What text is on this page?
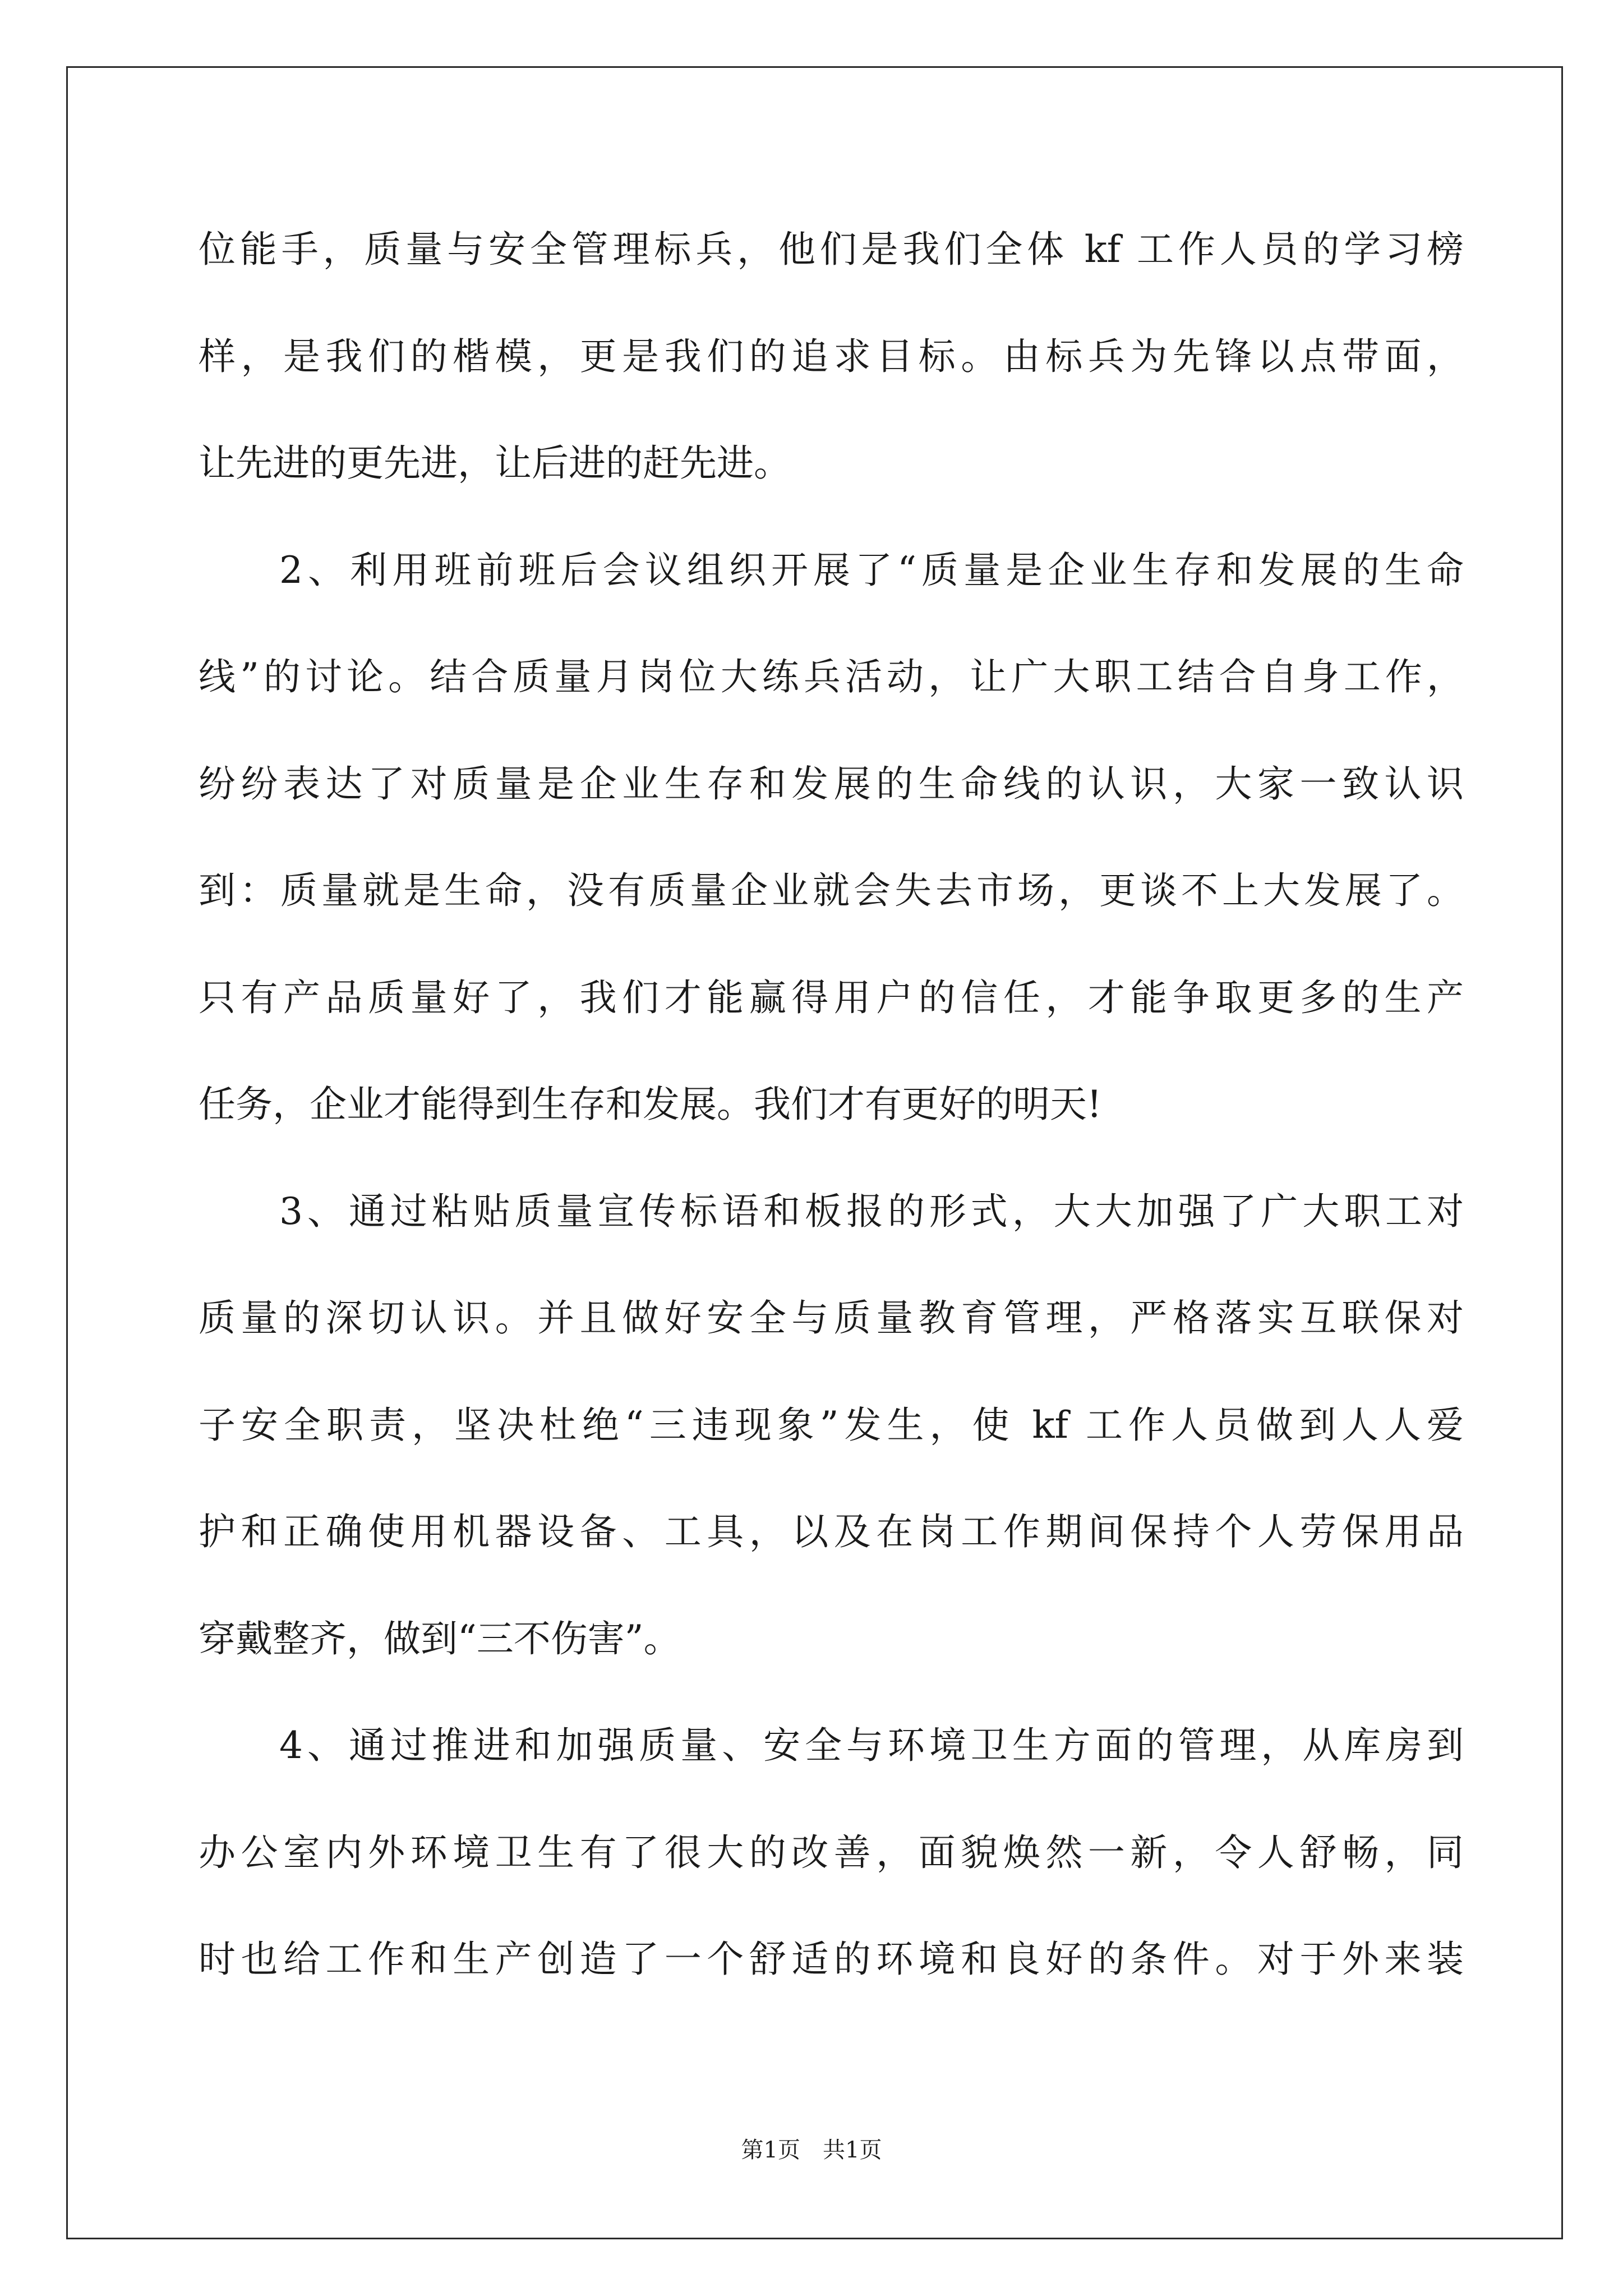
位能手，质量与安全管理标兵，他们是我们全体 kf 工作人员的学习榜
样，是我们的楷模，更是我们的追求目标。由标兵为先锋以点带面，
让先进的更先进，让后进的赶先进。
2、利用班前班后会议组织开展了“质量是企业生存和发展的生命
线”的讨论。结合质量月岗位大练兵活动，让广大职工结合自身工作，
纷纷表达了对质量是企业生存和发展的生命线的认识，大家一致认识
到：质量就是生命，没有质量企业就会失去市场，更谈不上大发展了。
只有产品质量好了，我们才能赢得用户的信任，才能争取更多的生产
任务，企业才能得到生存和发展。我们才有更好的明天!
3、通过粘贴质量宣传标语和板报的形式，大大加强了广大职工对
质量的深切认识。并且做好安全与质量教育管理，严格落实互联保对
子安全职责，坚决杜绝“三违现象”发生，使 kf 工作人员做到人人爱
护和正确使用机器设备、工具，以及在岗工作期间保持个人劳保用品
穿戴整齐，做到“三不伤害”。
4、通过推进和加强质量、安全与环境卫生方面的管理，从库房到
办公室内外环境卫生有了很大的改善，面貌焕然一新，令人舒畅，同
时也给工作和生产创造了一个舒适的环境和良好的条件。对于外来装
第1页　共1页
